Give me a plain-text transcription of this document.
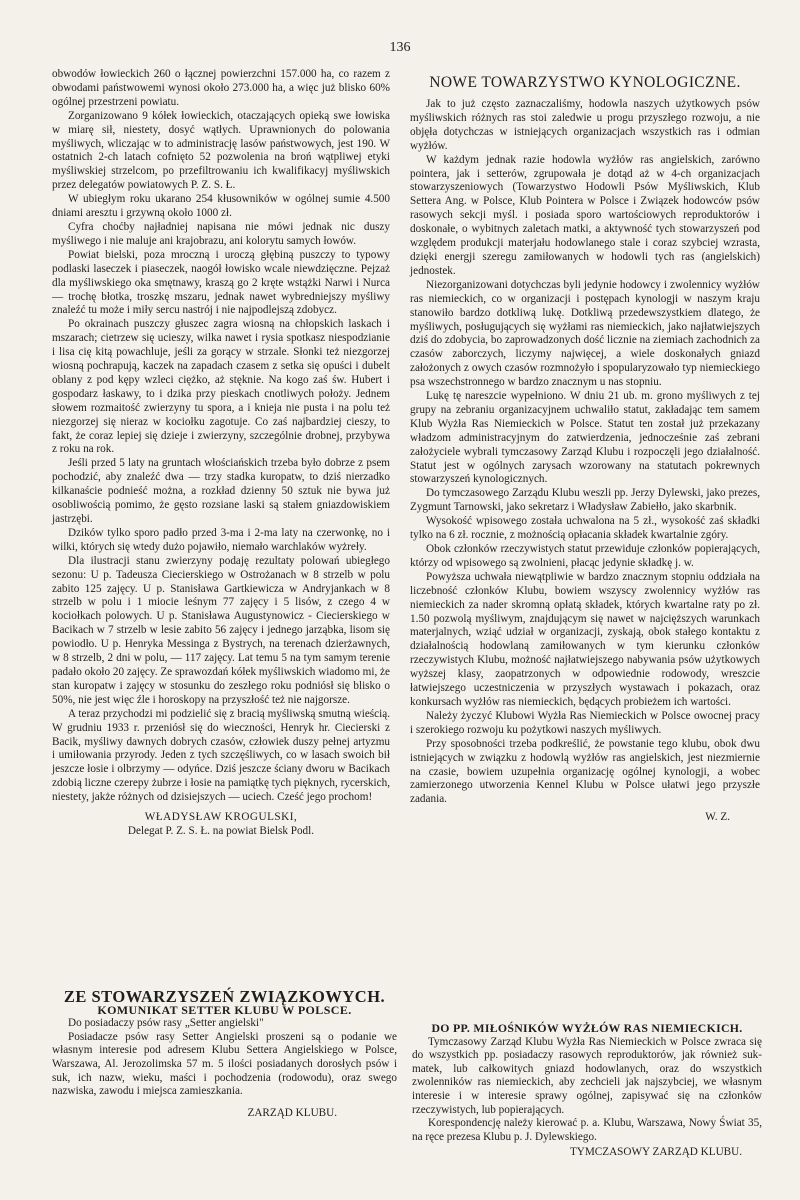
136

obwodów łowieckich 260 o łącznej powierzchni 157.000 ha, co razem z obwodami państwowemi wynosi około 273.000 ha, a więc już blisko 60% ogólnej przestrzeni powiatu.

Zorganizowano 9 kółek łowieckich, otaczających opieką swe łowiska w miarę sił, niestety, dosyć wątłych. Uprawnionych do polowania myśliwych, wliczając w to administrację lasów państwowych, jest 190. W ostatnich 2-ch latach cofnięto 52 pozwolenia na broń wątpliwej etyki myśliwskiej strzelcom, po przefiltrowaniu ich kwalifikacyj myśliwskich przez delegatów powiatowych P. Z. S. Ł.

W ubiegłym roku ukarano 254 kłusowników w ogólnej sumie 4.500 dniami aresztu i grzywną około 1000 zł.

Cyfra choćby najładniej napisana nie mówi jednak nic duszy myśliwego i nie maluje ani krajobrazu, ani kolorytu samych łowów.

Powiat bielski, poza mroczną i uroczą głębiną puszczy to typowy podlaski laseczek i piaseczek, naogół łowisko wcale niewdzięczne. Pejzaż dla myśliwskiego oka smętnawy, kraszą go 2 kręte wstążki Narwi i Nurca — trochę błotka, troszkę mszaru, jednak nawet wybredniejszy myśliwy znaleźć tu może i miły sercu nastrój i nie najpodlejszą zdobycz.

Po okrainach puszczy głuszec zagra wiosną na chłopskich laskach i mszarach; cietrzew się ucieszy, wilka nawet i rysia spotkasz niespodzianie i lisa cię kitą powachluje, jeśli za gorący w strzale. Słonki też niezgorzej wiosną pochrapują, kaczek na zapadach czasem z setka się opuści i dubelt oblany z pod kępy wzleci ciężko, aż stęknie. Na kogo zaś św. Hubert i gospodarz łaskawy, to i dzika przy pieskach cnotliwych położy. Jednem słowem rozmaitość zwierzyny tu spora, a i knieja nie pusta i na polu też niezgorzej się nieraz w kociołku zagotuje. Co zaś najbardziej cieszy, to fakt, że coraz lepiej się dzieje i zwierzyny, szczególnie drobnej, przybywa z roku na rok.

Jeśli przed 5 laty na gruntach włościańskich trzeba było dobrze z psem pochodzić, aby znaleźć dwa — trzy stadka kuropatw, to dziś nierzadko kilkanaście podnieść można, a rozkład dzienny 50 sztuk nie bywa już osobliwością pomimo, że gęsto rozsiane laski są stałem gniazdowiskiem jastrzębi.

Dzików tylko sporo padło przed 3-ma i 2-ma laty na czerwonkę, no i wilki, których się wtedy dużo pojawiło, niemało warchlaków wyżreły.

Dla ilustracji stanu zwierzyny podaję rezultaty polowań ubiegłego sezonu: U p. Tadeusza Ciecierskiego w Ostrożanach w 8 strzelb w polu zabito 125 zajęcy. U p. Stanisława Gartkiewicza w Andryjankach w 8 strzelb w polu i 1 miocie leśnym 77 zajęcy i 5 lisów, z czego 4 w kociołkach polowych. U p. Stanisława Augustynowicz - Ciecierskiego w Bacikach w 7 strzelb w lesie zabito 56 zajęcy i jednego jarząbka, lisom się powiodło. U p. Henryka Messinga z Bystrych, na terenach dzierżawnych, w 8 strzelb, 2 dni w polu, — 117 zajęcy. Lat temu 5 na tym samym terenie padało około 20 zajęcy. Ze sprawozdań kółek myśliwskich wiadomo mi, że stan kuropatw i zajęcy w stosunku do zeszłego roku podniósł się blisko o 50%, nie jest więc źle i horoskopy na przyszłość też nie najgorsze.

A teraz przychodzi mi podzielić się z bracią myśliwską smutną wieścią. W grudniu 1933 r. przeniósł się do wieczności, Henryk hr. Ciecierski z Bacik, myśliwy dawnych dobrych czasów, człowiek duszy pełnej artyzmu i umiłowania przyrody. Jeden z tych szczęśliwych, co w lasach swoich bił jeszcze łosie i olbrzymy — odyńce. Dziś jeszcze ściany dworu w Bacikach zdobią liczne czerepy żubrze i łosie na pamiątkę tych pięknych, rycerskich, niestety, jakże różnych od dzisiejszych — uciech. Cześć jego prochom!

WŁADYSŁAW KROGULSKI,

Delegat P. Z. S. Ł. na powiat Bielsk Podl.

NOWE TOWARZYSTWO KYNOLOGICZNE.

Jak to już często zaznaczaliśmy, hodowla naszych użytkowych psów myśliwskich różnych ras stoi zaledwie u progu przyszłego rozwoju, a nie objęła dotychczas w istniejących organizacjach wszystkich ras i odmian wyżłów.

W każdym jednak razie hodowla wyżłów ras angielskich, zarówno pointera, jak i setterów, zgrupowała je dotąd aż w 4-ch organizacjach stowarzyszeniowych (Towarzystwo Hodowli Psów Myśliwskich, Klub Settera Ang. w Polsce, Klub Pointera w Polsce i Związek hodowców psów rasowych sekcji myśl. i posiada sporo wartościowych reproduktorów i doskonałe, o wybitnych zaletach matki, a aktywność tych stowarzyszeń pod względem produkcji materjału hodowlanego stale i coraz szybciej wzrasta, dzięki energji szeregu zamiłowanych w hodowli tych ras (angielskich) jednostek.

Niezorganizowani dotychczas byli jedynie hodowcy i zwolennicy wyżłów ras niemieckich, co w organizacji i postępach kynologji w naszym kraju stanowiło bardzo dotkliwą lukę. Dotkliwą przedewszystkiem dlatego, że myśliwych, posługujących się wyżłami ras niemieckich, jako najłatwiejszych dziś do zdobycia, bo zaprowadzonych dość licznie na ziemiach zachodnich za czasów zaborczych, liczymy najwięcej, a wiele doskonałych gniazd założonych z owych czasów rozmnożyło i spopularyzowało typ niemieckiego psa wszechstronnego w bardzo znacznym u nas stopniu.

Lukę tę nareszcie wypełniono. W dniu 21 ub. m. grono myśliwych z tej grupy na zebraniu organizacyjnem uchwaliło statut, zakładając tem samem Klub Wyżła Ras Niemieckich w Polsce. Statut ten został już przekazany władzom administracyjnym do zatwierdzenia, jednocześnie zaś zebrani założyciele wybrali tymczasowy Zarząd Klubu i rozpoczęli jego działalność. Statut jest w ogólnych zarysach wzorowany na statutach pokrewnych stowarzyszeń kynologicznych.

Do tymczasowego Zarządu Klubu weszli pp. Jerzy Dylewski, jako prezes, Zygmunt Tarnowski, jako sekretarz i Władysław Zabiełło, jako skarbnik.

Wysokość wpisowego została uchwalona na 5 zł., wysokość zaś składki tylko na 6 zł. rocznie, z możnością opłacania składek kwartalnie zgóry.

Obok członków rzeczywistych statut przewiduje członków popierających, którzy od wpisowego są zwolnieni, płacąc jedynie składkę j. w.

Powyższa uchwała niewątpliwie w bardzo znacznym stopniu oddziała na liczebność członków Klubu, bowiem wszyscy zwolennicy wyżłów ras niemieckich za nader skromną opłatą składek, których kwartalne raty po zł. 1.50 pozwolą myśliwym, znajdującym się nawet w najcięższych warunkach materjalnych, wziąć udział w organizacji, zyskają, obok stałego kontaktu z działalnością hodowlaną zamiłowanych w tym kierunku członków rzeczywistych Klubu, możność najłatwiejszego nabywania psów użytkowych wyższej klasy, zaopatrzonych w odpowiednie rodowody, wreszcie łatwiejszego uczestniczenia w przyszłych wystawach i pokazach, oraz konkursach wyżłów ras niemieckich, będących probieżem ich wartości.

Należy życzyć Klubowi Wyżła Ras Niemieckich w Polsce owocnej pracy i szerokiego rozwoju ku pożytkowi naszych myśliwych.

Przy sposobności trzeba podkreślić, że powstanie tego klubu, obok dwu istniejących w związku z hodowlą wyżłów ras angielskich, jest niezmiernie na czasie, bowiem uzupełnia organizację ogólnej kynologji, a wobec zamierzonego utworzenia Kennel Klubu w Polsce ułatwi jego przyszłe zadania.

W. Z.

ZE STOWARZYSZEŃ ZWIĄZKOWYCH.

KOMUNIKAT SETTER KLUBU W POLSCE.

Do posiadaczy psów rasy „Setter angielski"

Posiadacze psów rasy Setter Angielski proszeni są o podanie we własnym interesie pod adresem Klubu Settera Angielskiego w Polsce, Warszawa, Al. Jerozolimska 57 m. 5 ilości posiadanych dorosłych psów i suk, ich nazw, wieku, maści i pochodzenia (rodowodu), oraz swego nazwiska, zawodu i miejsca zamieszkania.

ZARZĄD KLUBU.

DO PP. MIŁOŚNIKÓW WYŻŁÓW RAS NIEMIECKICH.

Tymczasowy Zarząd Klubu Wyżła Ras Niemieckich w Polsce zwraca się do wszystkich pp. posiadaczy rasowych reproduktorów, jak również suk-matek, lub całkowitych gniazd hodowlanych, oraz do wszystkich zwolenników ras niemieckich, aby zechcieli jak najszybciej, we własnym interesie i w interesie sprawy ogólnej, zapisywać się na członków rzeczywistych, lub popierających.

Korespondencję należy kierować p. a. Klubu, Warszawa, Nowy Świat 35, na ręce prezesa Klubu p. J. Dylewskiego.

TYMCZASOWY ZARZĄD KLUBU.
